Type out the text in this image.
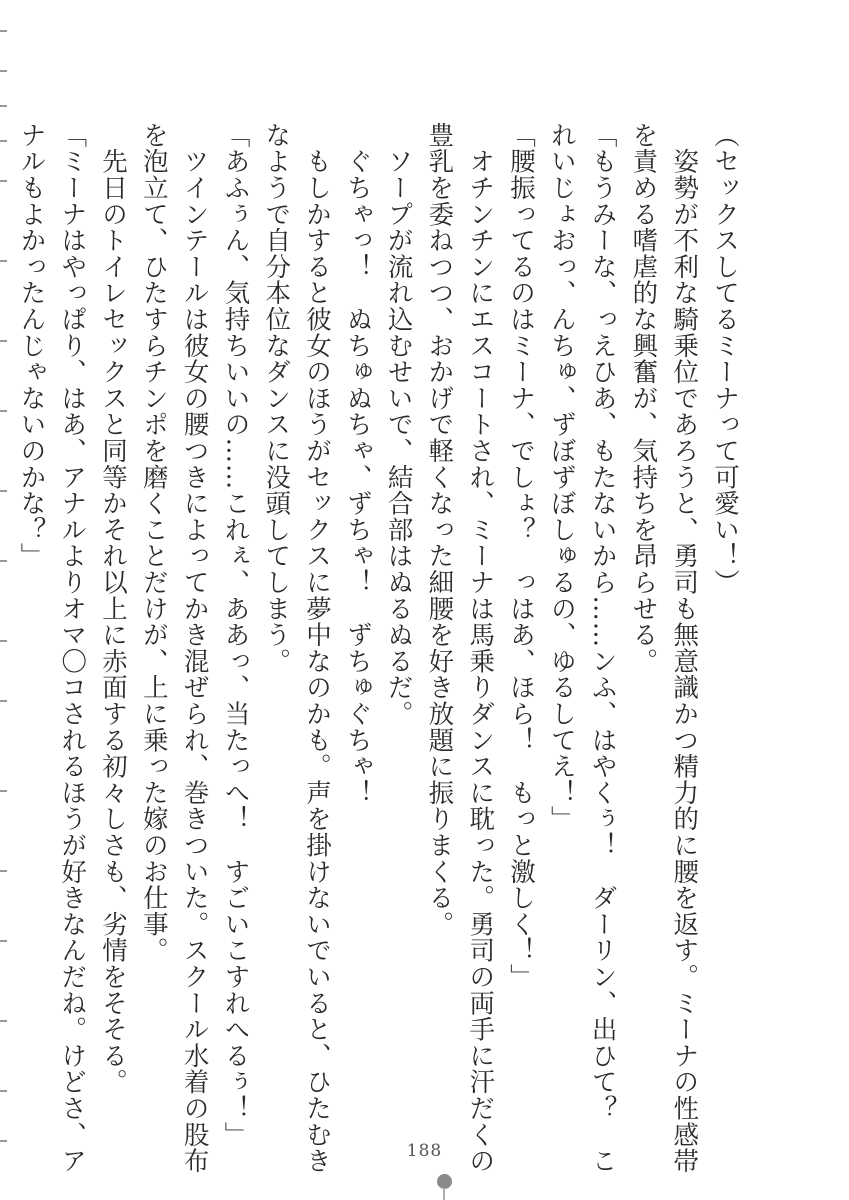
（セックスしてるミーナって可愛い！）

　姿勢が不利な騎乗位であろうと、勇司も無意識かつ精力的に腰を返す。ミーナの性感帯

を責める嗜虐的な興奮が、気持ちを昂らせる。

「もうみーな、っえひあ、もたないから……ンふ、はやくぅ！　ダーリン、出ひて？　こ

れいじょおっ、んちゅ、ずぼずぼしゅるの、ゆるしてえ！」

「腰振ってるのはミーナ、でしょ？　っはあ、ほら！　もっと激しく！」

　オチンチンにエスコートされ、ミーナは馬乗りダンスに耽った。勇司の両手に汗だくの

豊乳を委ねつつ、おかげで軽くなった細腰を好き放題に振りまくる。

　ソープが流れ込むせいで、結合部はぬるぬるだ。

　ぐちゃっ！　ぬちゅぬちゃ、ずちゃ！　ずちゅぐちゃ！

　もしかすると彼女のほうがセックスに夢中なのかも。声を掛けないでいると、ひたむき

なようで自分本位なダンスに没頭してしまう。

「あふぅん、気持ちいいの……これぇ、ああっ、当たっへ！　すごいこすれへるぅ！」

　ツインテールは彼女の腰つきによってかき混ぜられ、巻きついた。スクール水着の股布

を泡立て、ひたすらチンポを磨くことだけが、上に乗った嫁のお仕事。

　先日のトイレセックスと同等かそれ以上に赤面する初々しさも、劣情をそそる。

「ミーナはやっぱり、はあ、アナルよりオマ〇コされるほうが好きなんだね。けどさ、ア

ナルもよかったんじゃないのかな？」

188
